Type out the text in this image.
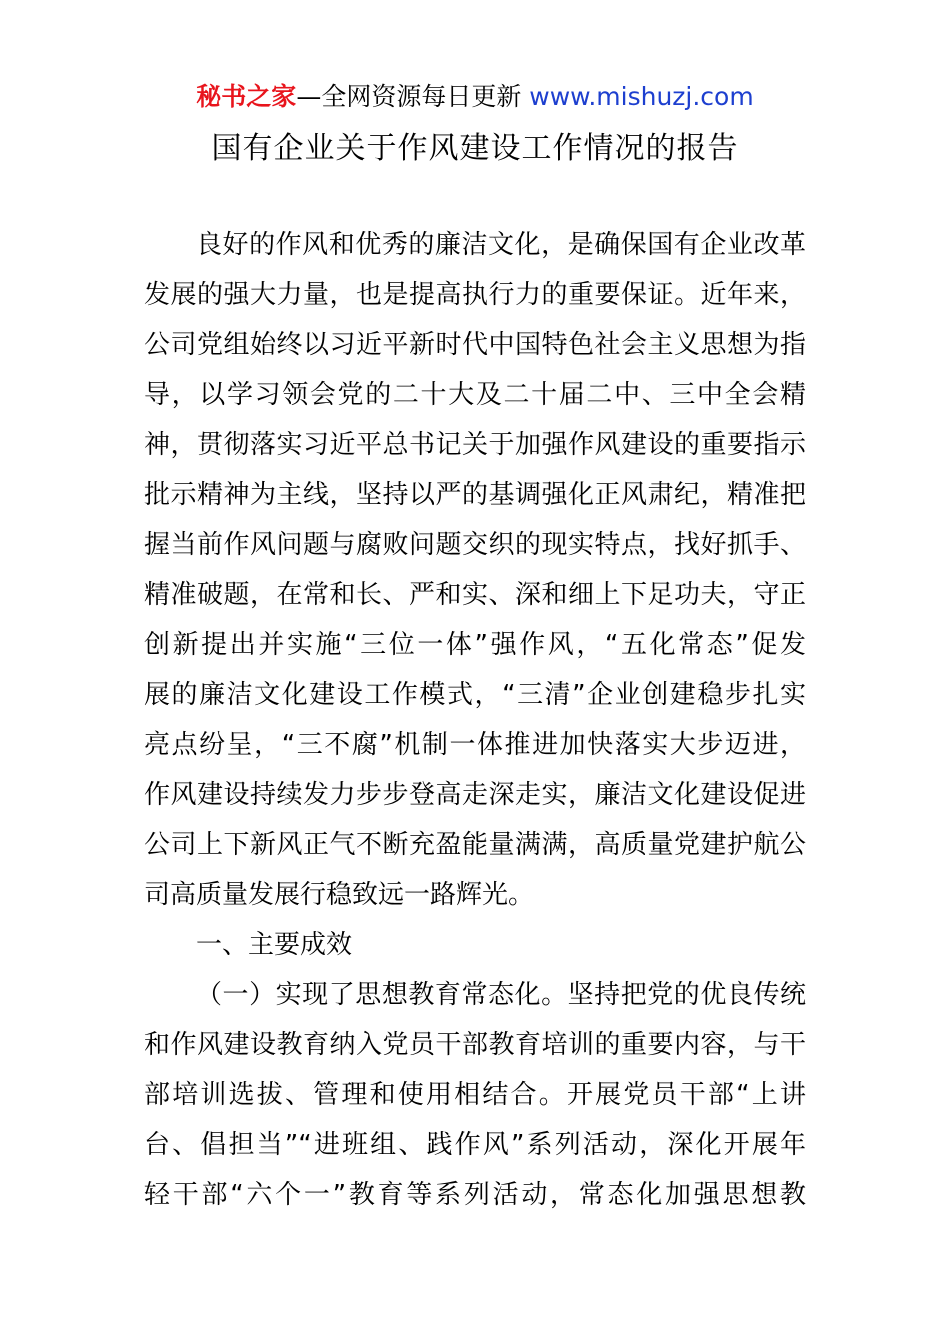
秘书之家—全网资源每日更新 www.mishuzj.com
国有企业关于作风建设工作情况的报告
良好的作风和优秀的廉洁文化，是确保国有企业改革
发展的强大力量，也是提高执行力的重要保证。近年来，
公司党组始终以习近平新时代中国特色社会主义思想为指
导，以学习领会党的二十大及二十届二中、三中全会精
神，贯彻落实习近平总书记关于加强作风建设的重要指示
批示精神为主线，坚持以严的基调强化正风肃纪，精准把
握当前作风问题与腐败问题交织的现实特点，找好抓手、
精准破题，在常和长、严和实、深和细上下足功夫，守正
创新提出并实施“三位一体”强作风，“五化常态”促发
展的廉洁文化建设工作模式，“三清”企业创建稳步扎实
亮点纷呈，“三不腐”机制一体推进加快落实大步迈进，
作风建设持续发力步步登高走深走实，廉洁文化建设促进
公司上下新风正气不断充盈能量满满，高质量党建护航公
司高质量发展行稳致远一路辉光。
一、主要成效
（一）实现了思想教育常态化。坚持把党的优良传统
和作风建设教育纳入党员干部教育培训的重要内容，与干
部培训选拔、管理和使用相结合。开展党员干部“上讲
台、倡担当”“进班组、践作风”系列活动，深化开展年
轻干部“六个一”教育等系列活动，常态化加强思想教
